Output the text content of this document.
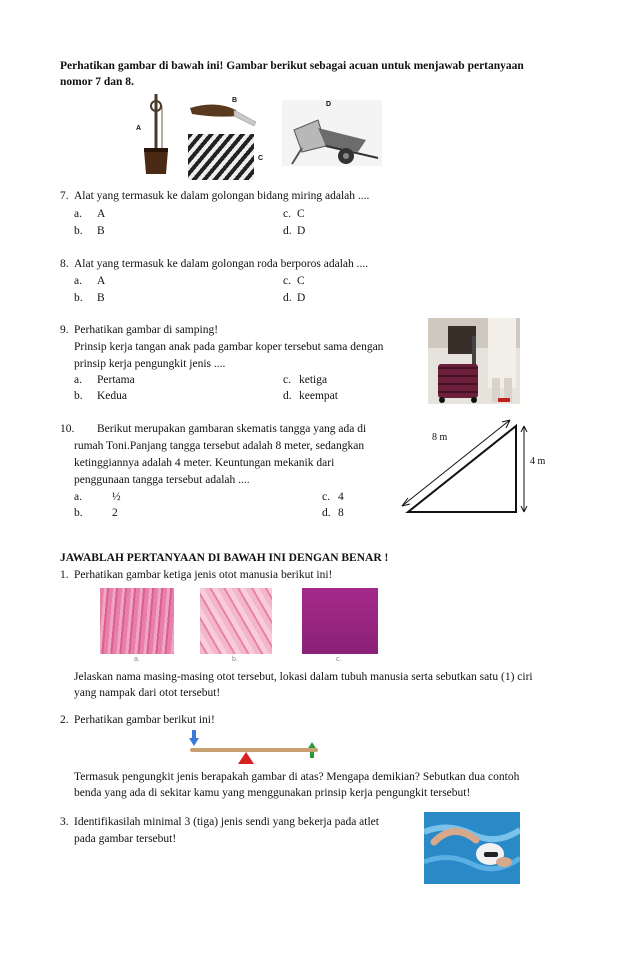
Perhatikan gambar di bawah ini! Gambar berikut sebagai acuan untuk menjawab pertanyaan
nomor 7 dan 8.
A
B
C
D
7. Alat yang termasuk ke dalam golongan bidang miring adalah ....
a. A	c. C
b. B	d. D
8. Alat yang termasuk ke dalam golongan roda berporos adalah ....
a. A	c. C
b. B	d. D
9. Perhatikan gambar di samping!
Prinsip kerja tangan anak pada gambar koper tersebut sama dengan
prinsip kerja pengungkit jenis ....
a. Pertama	c. ketiga
b. Kedua	d. keempat
10. Berikut merupakan gambaran skematis tangga yang ada di
rumah Toni.Panjang tangga tersebut adalah 8 meter, sedangkan
ketinggiannya adalah 4 meter. Keuntungan mekanik dari
penggunaan tangga tersebut adalah ....
a.	½	c. 4
b.	2	d. 8
8 m
4 m
JAWABLAH PERTANYAAN DI BAWAH INI DENGAN BENAR !
1. Perhatikan gambar ketiga jenis otot manusia berikut ini!
a.	b.	c.
Jelaskan nama masing-masing otot tersebut, lokasi dalam tubuh manusia serta sebutkan satu (1) ciri
yang nampak dari otot tersebut!
2. Perhatikan gambar berikut ini!
Termasuk pengungkit jenis berapakah gambar di atas? Mengapa demikian? Sebutkan dua contoh
benda yang ada di sekitar kamu yang menggunakan prinsip kerja pengungkit tersebut!
3. Identifikasilah minimal 3 (tiga) jenis sendi yang bekerja pada atlet
pada gambar tersebut!
